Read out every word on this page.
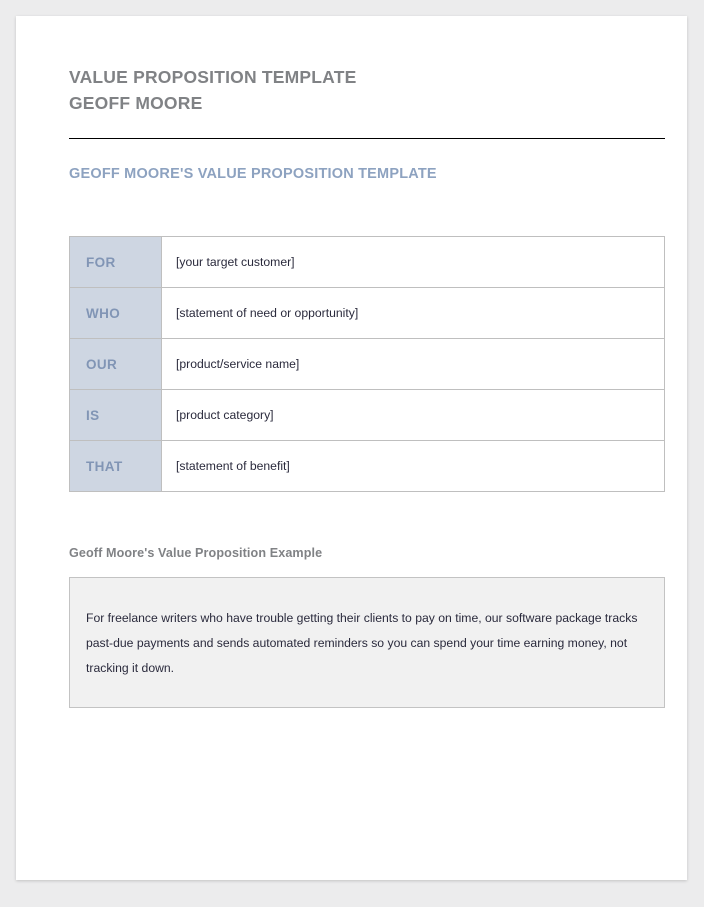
VALUE PROPOSITION TEMPLATE
GEOFF MOORE
GEOFF MOORE'S VALUE PROPOSITION TEMPLATE
FOR	[your target customer]
WHO	[statement of need or opportunity]
OUR	[product/service name]
IS	[product category]
THAT	[statement of benefit]
Geoff Moore's Value Proposition Example
For freelance writers who have trouble getting their clients to pay on time, our software package tracks past-due payments and sends automated reminders so you can spend your time earning money, not tracking it down.
